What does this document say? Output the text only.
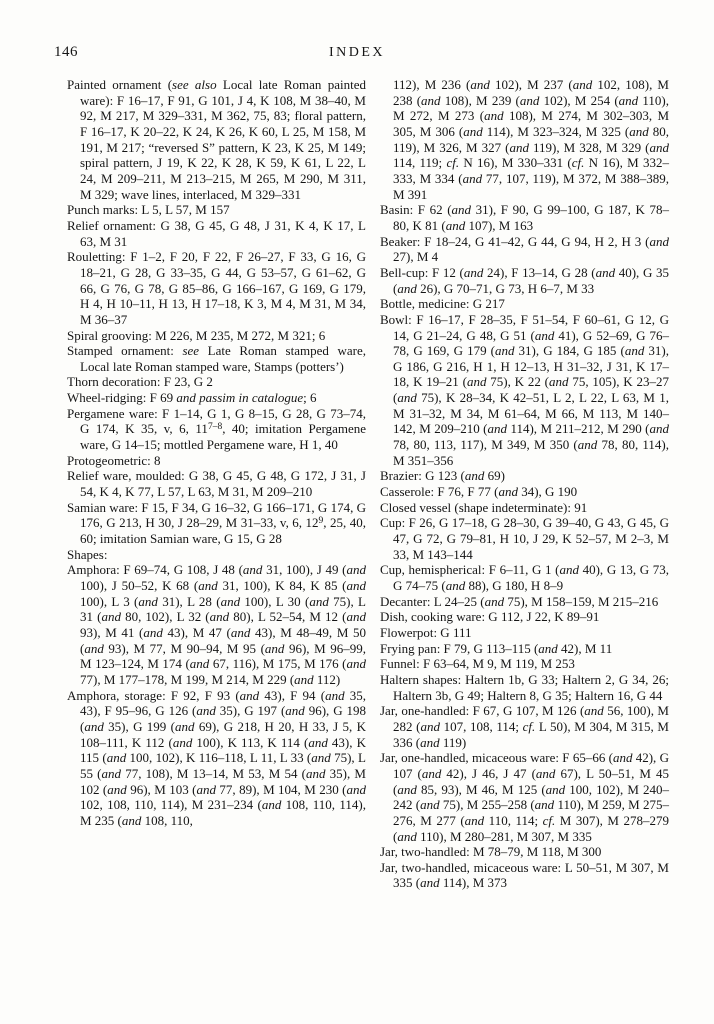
146	INDEX

Painted ornament (see also Local late Roman painted ware): F 16–17, F 91, G 101, J 4, K 108, M 38–40, M 92, M 217, M 329–331, M 362, 75, 83; floral pattern, F 16–17, K 20–22, K 24, K 26, K 60, L 25, M 158, M 191, M 217; “reversed S” pattern, K 23, K 25, M 149; spiral pattern, J 19, K 22, K 28, K 59, K 61, L 22, L 24, M 209–211, M 213–215, M 265, M 290, M 311, M 329; wave lines, interlaced, M 329–331

Punch marks: L 5, L 57, M 157

Relief ornament: G 38, G 45, G 48, J 31, K 4, K 17, L 63, M 31

Rouletting: F 1–2, F 20, F 22, F 26–27, F 33, G 16, G 18–21, G 28, G 33–35, G 44, G 53–57, G 61–62, G 66, G 76, G 78, G 85–86, G 166–167, G 169, G 179, H 4, H 10–11, H 13, H 17–18, K 3, M 4, M 31, M 34, M 36–37

Spiral grooving: M 226, M 235, M 272, M 321; 6

Stamped ornament: see Late Roman stamped ware, Local late Roman stamped ware, Stamps (potters’)

Thorn decoration: F 23, G 2

Wheel-ridging: F 69 and passim in catalogue; 6

Pergamene ware: F 1–14, G 1, G 8–15, G 28, G 73–74, G 174, K 35, v, 6, 11$^{7-8}$, 40; imitation Pergamene ware, G 14–15; mottled Pergamene ware, H 1, 40

Protogeometric: 8

Relief ware, moulded: G 38, G 45, G 48, G 172, J 31, J 54, K 4, K 77, L 57, L 63, M 31, M 209–210

Samian ware: F 15, F 34, G 16–32, G 166–171, G 174, G 176, G 213, H 30, J 28–29, M 31–33, v, 6, $12^9$, 25, 40, 60; imitation Samian ware, G 15, G 28

Shapes:

Amphora: F 69–74, G 108, J 48 (and 31, 100), J 49 (and 100), J 50–52, K 68 (and 31, 100), K 84, K 85 (and 100), L 3 (and 31), L 28 (and 100), L 30 (and 75), L 31 (and 80, 102), L 32 (and 80), L 52–54, M 12 (and 93), M 41 (and 43), M 47 (and 43), M 48–49, M 50 (and 93), M 77, M 90–94, M 95 (and 96), M 96–99, M 123–124, M 174 (and 67, 116), M 175, M 176 (and 77), M 177–178, M 199, M 214, M 229 (and 112)

Amphora, storage: F 92, F 93 (and 43), F 94 (and 35, 43), F 95–96, G 126 (and 35), G 197 (and 96), G 198 (and 35), G 199 (and 69), G 218, H 20, H 33, J 5, K 108–111, K 112 (and 100), K 113, K 114 (and 43), K 115 (and 100, 102), K 116–118, L 11, L 33 (and 75), L 55 (and 77, 108), M 13–14, M 53, M 54 (and 35), M 102 (and 96), M 103 (and 77, 89), M 104, M 230 (and 102, 108, 110, 114), M 231–234 (and 108, 110, 114), M 235 (and 108, 110,

112), M 236 (and 102), M 237 (and 102, 108), M 238 (and 108), M 239 (and 102), M 254 (and 110), M 272, M 273 (and 108), M 274, M 302–303, M 305, M 306 (and 114), M 323–324, M 325 (and 80, 119), M 326, M 327 (and 119), M 328, M 329 (and 114, 119; cf. N 16), M 330–331 (cf. N 16), M 332–333, M 334 (and 77, 107, 119), M 372, M 388–389, M 391

Basin: F 62 (and 31), F 90, G 99–100, G 187, K 78–80, K 81 (and 107), M 163

Beaker: F 18–24, G 41–42, G 44, G 94, H 2, H 3 (and 27), M 4

Bell-cup: F 12 (and 24), F 13–14, G 28 (and 40), G 35 (and 26), G 70–71, G 73, H 6–7, M 33

Bottle, medicine: G 217

Bowl: F 16–17, F 28–35, F 51–54, F 60–61, G 12, G 14, G 21–24, G 48, G 51 (and 41), G 52–69, G 76–78, G 169, G 179 (and 31), G 184, G 185 (and 31), G 186, G 216, H 1, H 12–13, H 31–32, J 31, K 17–18, K 19–21 (and 75), K 22 (and 75, 105), K 23–27 (and 75), K 28–34, K 42–51, L 2, L 22, L 63, M 1, M 31–32, M 34, M 61–64, M 66, M 113, M 140–142, M 209–210 (and 114), M 211–212, M 290 (and 78, 80, 113, 117), M 349, M 350 (and 78, 80, 114), M 351–356

Brazier: G 123 (and 69)

Casserole: F 76, F 77 (and 34), G 190

Closed vessel (shape indeterminate): 91

Cup: F 26, G 17–18, G 28–30, G 39–40, G 43, G 45, G 47, G 72, G 79–81, H 10, J 29, K 52–57, M 2–3, M 33, M 143–144

Cup, hemispherical: F 6–11, G 1 (and 40), G 13, G 73, G 74–75 (and 88), G 180, H 8–9

Decanter: L 24–25 (and 75), M 158–159, M 215–216

Dish, cooking ware: G 112, J 22, K 89–91

Flowerpot: G 111

Frying pan: F 79, G 113–115 (and 42), M 11

Funnel: F 63–64, M 9, M 119, M 253

Haltern shapes: Haltern 1b, G 33; Haltern 2, G 34, 26; Haltern 3b, G 49; Haltern 8, G 35; Haltern 16, G 44

Jar, one-handled: F 67, G 107, M 126 (and 56, 100), M 282 (and 107, 108, 114; cf. L 50), M 304, M 315, M 336 (and 119)

Jar, one-handled, micaceous ware: F 65–66 (and 42), G 107 (and 42), J 46, J 47 (and 67), L 50–51, M 45 (and 85, 93), M 46, M 125 (and 100, 102), M 240–242 (and 75), M 255–258 (and 110), M 259, M 275–276, M 277 (and 110, 114; cf. M 307), M 278–279 (and 110), M 280–281, M 307, M 335

Jar, two-handled: M 78–79, M 118, M 300

Jar, two-handled, micaceous ware: L 50–51, M 307, M 335 (and 114), M 373
